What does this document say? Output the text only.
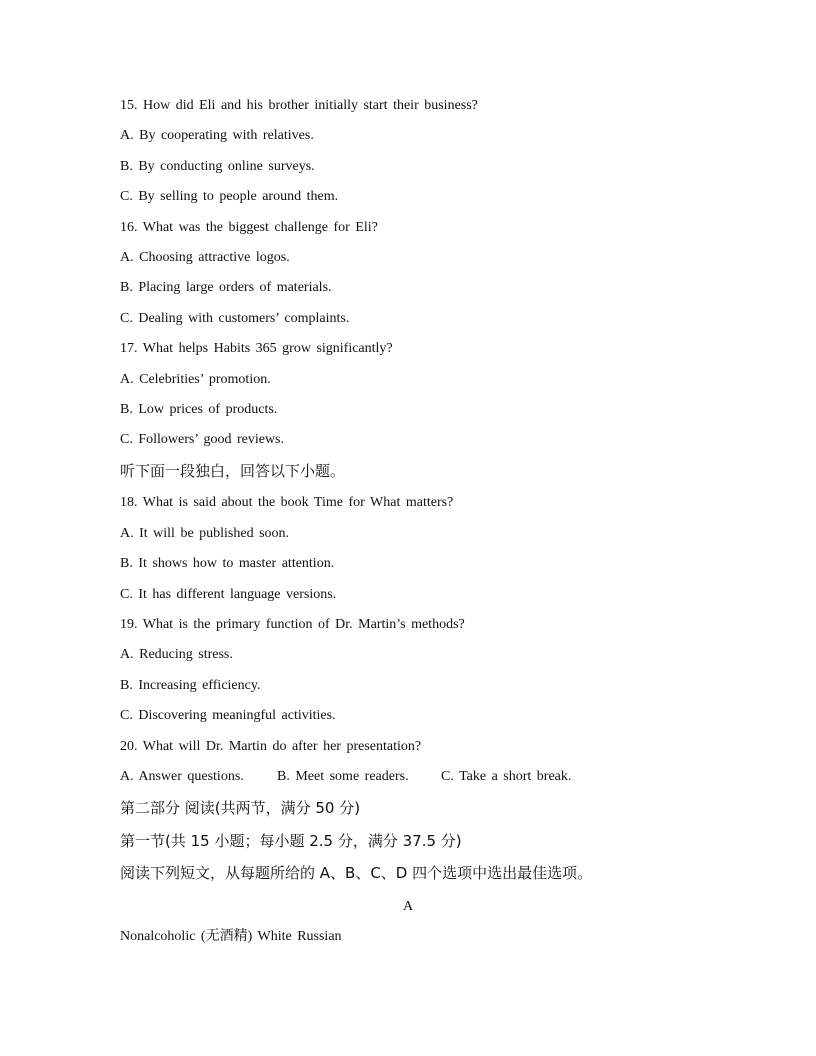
15. How did Eli and his brother initially start their business?
A. By cooperating with relatives.
B. By conducting online surveys.
C. By selling to people around them.
16. What was the biggest challenge for Eli?
A. Choosing attractive logos.
B. Placing large orders of materials.
C. Dealing with customers’ complaints.
17. What helps Habits 365 grow significantly?
A. Celebrities’ promotion.
B. Low prices of products.
C. Followers’ good reviews.
听下面一段独白，回答以下小题。
18. What is said about the book Time for What matters?
A. It will be published soon.
B. It shows how to master attention.
C. It has different language versions.
19. What is the primary function of Dr. Martin’s methods?
A. Reducing stress.
B. Increasing efficiency.
C. Discovering meaningful activities.
20. What will Dr. Martin do after her presentation?
A. Answer questions. B. Meet some readers. C. Take a short break.
第二部分 阅读(共两节，满分 50 分)
第一节(共 15 小题；每小题 2.5 分，满分 37.5 分)
阅读下列短文，从每题所给的 A、B、C、D 四个选项中选出最佳选项。
A
Nonalcoholic (无酒精) White Russian
